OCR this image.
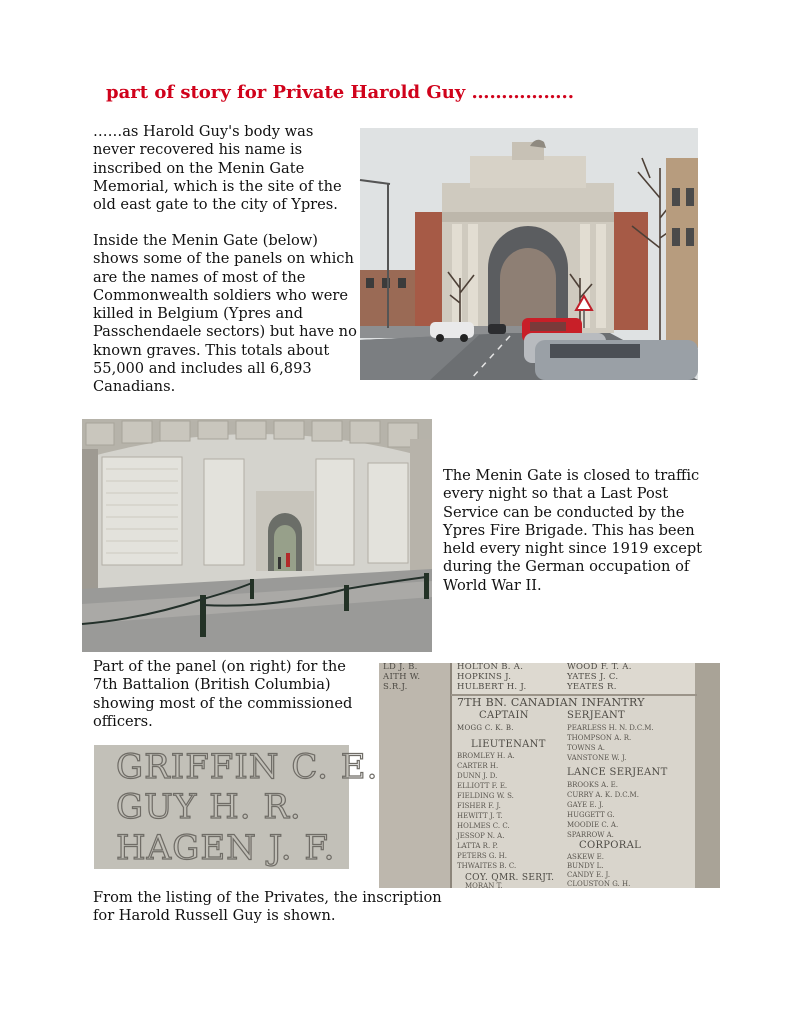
part of story for Private Harold Guy ……………..

……as Harold Guy's body was never recovered his name is inscribed on the Menin Gate Memorial, which is the site of the old east gate to the city of Ypres.

Inside the Menin Gate (below) shows some of the panels on which are the names of most of the Commonwealth soldiers who were killed in Belgium (Ypres and Passchendaele sectors) but have no known graves. This totals about 55,000 and includes all 6,893 Canadians.

The Menin Gate is closed to traffic every night so that a Last Post Service can be conducted by the Ypres Fire Brigade. This has been held every night since 1919 except during the German occupation of World War II.

Part of the panel (on right) for the 7th Battalion (British Columbia) showing most of the commissioned officers.

From the listing of the Privates, the inscription for Harold Russell Guy is shown.

LD J. B.
AITH W.
S.R.J.
HOLTON B. A.
HOPKINS J.
HULBERT H. J.
WOOD F. T. A.
YATES J. C.
YEATES R.
7TH BN. CANADIAN INFANTRY
CAPTAIN
MOGG C. K. B.
LIEUTENANT
SERJEANT
LANCE SERJEANT
CORPORAL
COY. QMR. SERJT.
BROMLEY H. A.
CARTER H.
DUNN J. D.
ELLIOTT F. E.
FIELDING W. S.
FISHER F. J.
HEWITT J. T.
HOLMES C. C.
JESSOP N. A.
LATTA R. P.
PETERS G. H.
THWAITES B. C.
MORAN T.
PEARLESS H. N. D.C.M.
THOMPSON A. R.
TOWNS A.
VANSTONE W. J.
BROOKS A. E.
CURRY A. K. D.C.M.
GAYE E. J.
HUGGETT G.
MOODIE C. A.
SPARROW A.
ASKEW E.
BUNDY L.
CANDY E. J.
CLOUSTON G. H.
GRIFFIN C. E.
GUY H. R.
HAGEN J. F.
